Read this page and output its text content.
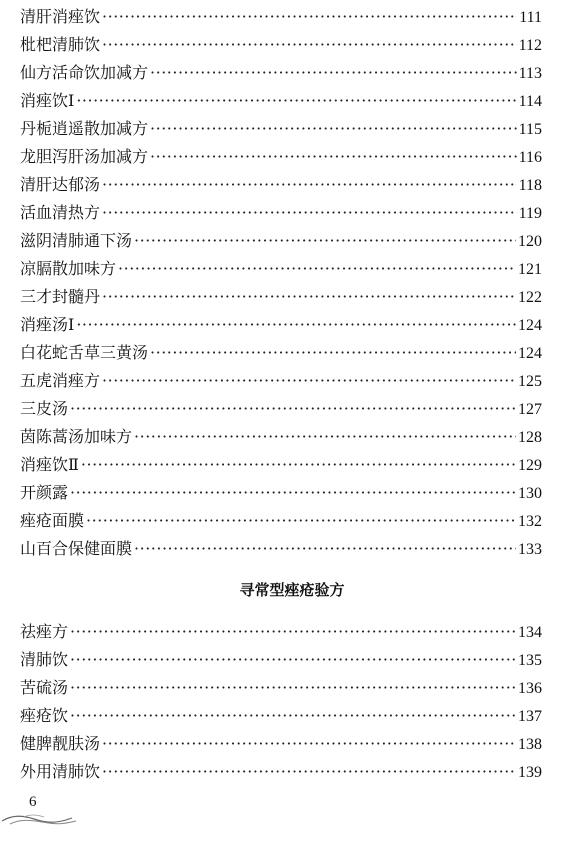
清肝消痤饮 ·····	111
枇杷清肺饮 ·····	112
仙方活命饮加减方 ·····	113
消痤饮Ⅰ ·····	114
丹栀逍遥散加减方 ·····	115
龙胆泻肝汤加减方 ·····	116
清肝达郁汤 ·····	118
活血清热方 ·····	119
滋阴清肺通下汤 ·····	120
凉膈散加味方 ·····	121
三才封髓丹 ·····	122
消痤汤Ⅰ ·····	124
白花蛇舌草三黄汤 ·····	124
五虎消痤方 ·····	125
三皮汤 ·····	127
茵陈蒿汤加味方 ·····	128
消痤饮Ⅱ ·····	129
开颜露 ·····	130
痤疮面膜 ·····	132
山百合保健面膜 ·····	133
寻常型痤疮验方
祛痤方 ·····	134
清肺饮 ·····	135
苦硫汤 ·····	136
痤疮饮 ·····	137
健脾靓肤汤 ·····	138
外用清肺饮 ·····	139
6
